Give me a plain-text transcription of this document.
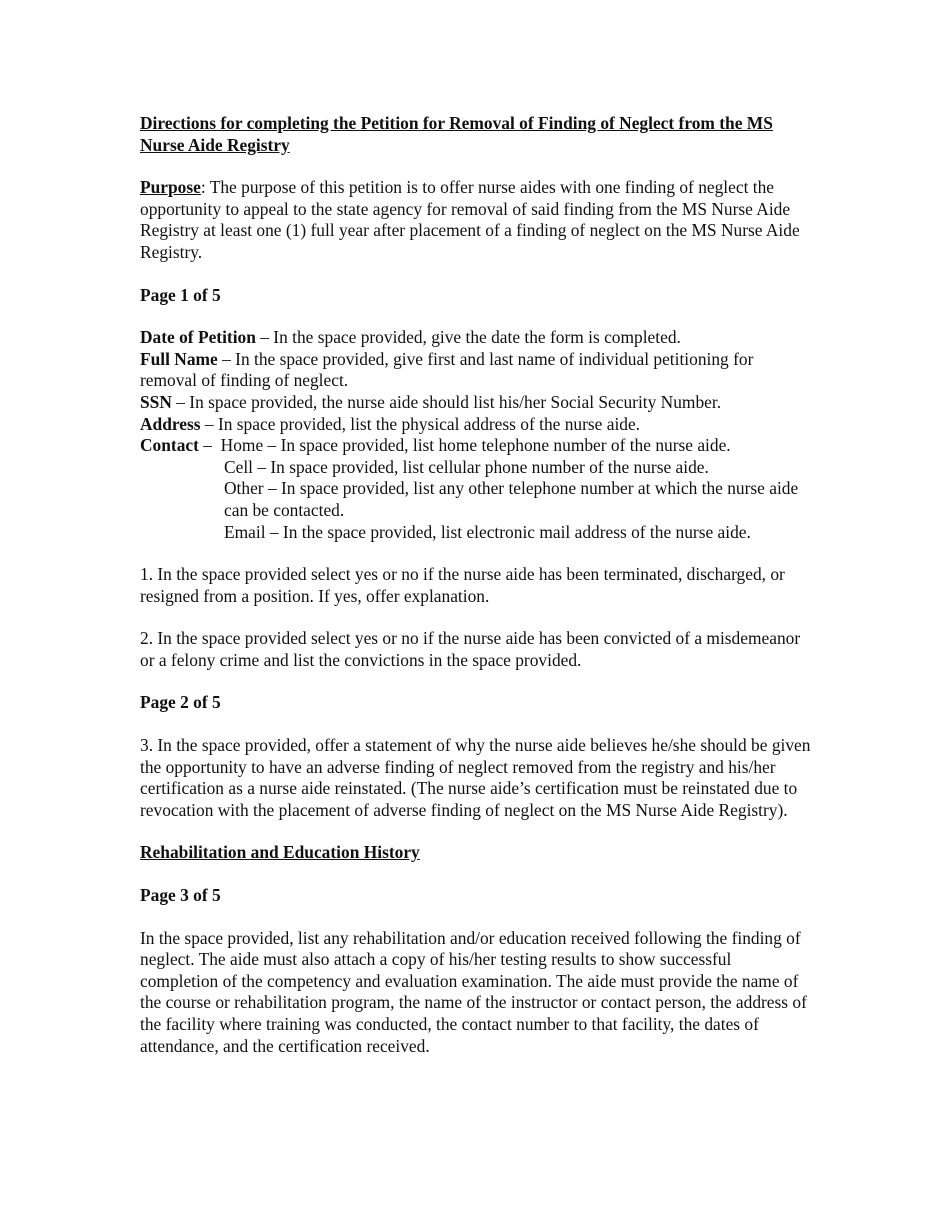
Directions for completing the Petition for Removal of Finding of Neglect from the MS Nurse Aide Registry

Purpose: The purpose of this petition is to offer nurse aides with one finding of neglect the opportunity to appeal to the state agency for removal of said finding from the MS Nurse Aide Registry at least one (1) full year after placement of a finding of neglect on the MS Nurse Aide Registry.

Page 1 of 5

Date of Petition – In the space provided, give the date the form is completed.

Full Name – In the space provided, give first and last name of individual petitioning for removal of finding of neglect.

SSN – In space provided, the nurse aide should list his/her Social Security Number.

Address – In space provided, list the physical address of the nurse aide.

Contact –  Home – In space provided, list home telephone number of the nurse aide.

Cell – In space provided, list cellular phone number of the nurse aide.

Other – In space provided, list any other telephone number at which the nurse aide can be contacted.

Email – In the space provided, list electronic mail address of the nurse aide.

1. In the space provided select yes or no if the nurse aide has been terminated, discharged, or resigned from a position. If yes, offer explanation.

2. In the space provided select yes or no if the nurse aide has been convicted of a misdemeanor or a felony crime and list the convictions in the space provided.

Page 2 of 5

3. In the space provided, offer a statement of why the nurse aide believes he/she should be given the opportunity to have an adverse finding of neglect removed from the registry and his/her certification as a nurse aide reinstated. (The nurse aide’s certification must be reinstated due to revocation with the placement of adverse finding of neglect on the MS Nurse Aide Registry).

Rehabilitation and Education History

Page 3 of 5

In the space provided, list any rehabilitation and/or education received following the finding of neglect. The aide must also attach a copy of his/her testing results to show successful completion of the competency and evaluation examination. The aide must provide the name of the course or rehabilitation program, the name of the instructor or contact person, the address of the facility where training was conducted, the contact number to that facility, the dates of attendance, and the certification received.
